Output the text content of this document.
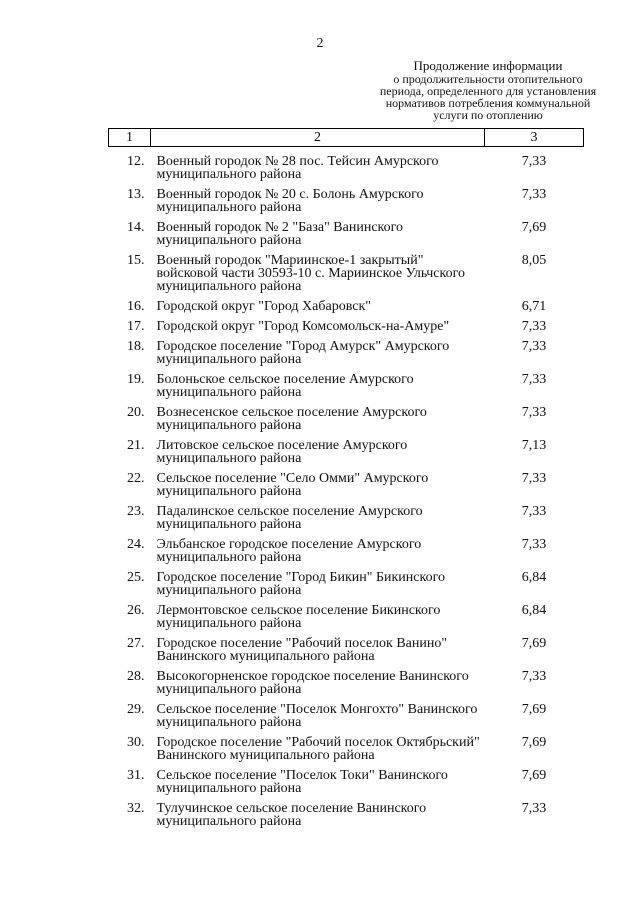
2
Продолжение информации
о продолжительности отопительного
периода, определенного для установления
нормативов потребления коммунальной
услуги по отоплению
1	2	3
12.	Военный городок № 28 пос. Тейсин Амурского муниципального района	7,33
13.	Военный городок № 20 с. Болонь Амурского муниципального района	7,33
14.	Военный городок № 2 "База" Ванинского муниципального района	7,69
15.	Военный городок "Мариинское-1 закрытый" войсковой части 30593-10 с. Мариинское Ульчского муниципального района	8,05
16.	Городской округ "Город Хабаровск"	6,71
17.	Городской округ "Город Комсомольск-на-Амуре"	7,33
18.	Городское поселение "Город Амурск" Амурского муниципального района	7,33
19.	Болоньское сельское поселение Амурского муниципального района	7,33
20.	Вознесенское сельское поселение Амурского муниципального района	7,33
21.	Литовское сельское поселение Амурского муниципального района	7,13
22.	Сельское поселение "Село Омми" Амурского муниципального района	7,33
23.	Падалинское сельское поселение Амурского муниципального района	7,33
24.	Эльбанское городское поселение Амурского муниципального района	7,33
25.	Городское поселение "Город Бикин" Бикинского муниципального района	6,84
26.	Лермонтовское сельское поселение Бикинского муниципального района	6,84
27.	Городское поселение "Рабочий поселок Ванино" Ванинского муниципального района	7,69
28.	Высокогорненское городское поселение Ванинского муниципального района	7,33
29.	Сельское поселение "Поселок Монгохто" Ванинского муниципального района	7,69
30.	Городское поселение "Рабочий поселок Октябрьский" Ванинского муниципального района	7,69
31.	Сельское поселение "Поселок Токи" Ванинского муниципального района	7,69
32.	Тулучинское сельское поселение Ванинского муниципального района	7,33
